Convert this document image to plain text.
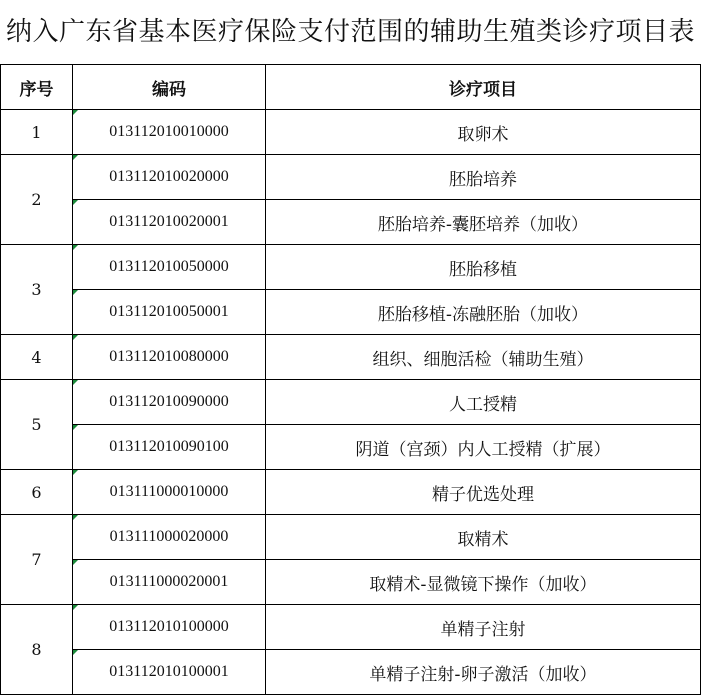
纳入广东省基本医疗保险支付范围的辅助生殖类诊疗项目表
序号	编码	诊疗项目
1	013112010010000	取卵术
2	013112010020000	胚胎培养
	013112010020001	胚胎培养-囊胚培养（加收）
3	013112010050000	胚胎移植
	013112010050001	胚胎移植-冻融胚胎（加收）
4	013112010080000	组织、细胞活检（辅助生殖）
5	013112010090000	人工授精
	013112010090100	阴道（宫颈）内人工授精（扩展）
6	013111000010000	精子优选处理
7	013111000020000	取精术
	013111000020001	取精术-显微镜下操作（加收）
8	013112010100000	单精子注射
	013112010100001	单精子注射-卵子激活（加收）
